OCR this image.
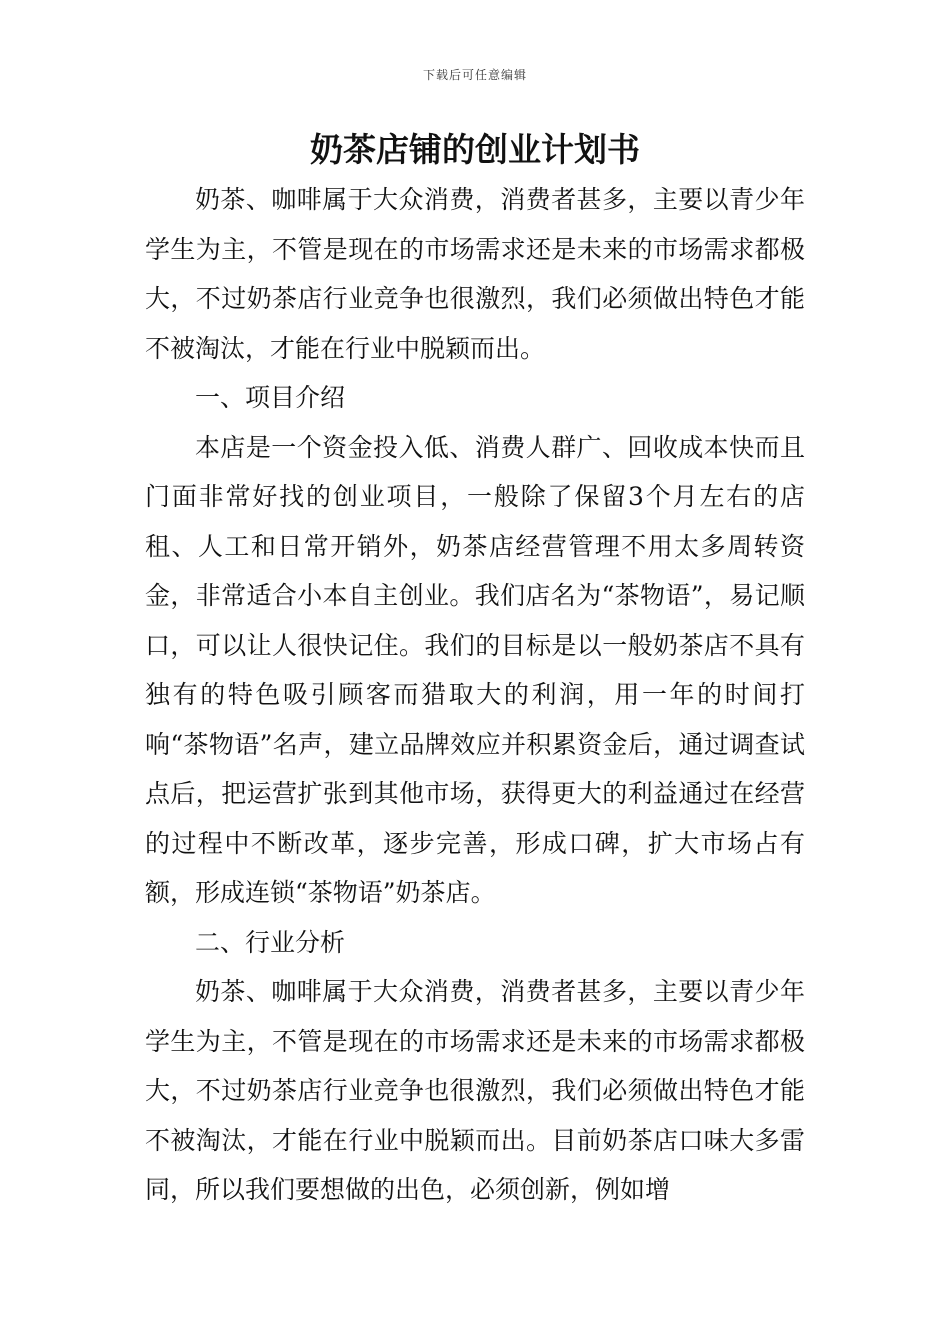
下载后可任意编辑
奶茶店铺的创业计划书

奶茶、咖啡属于大众消费，消费者甚多，主要以青少年学生为主，不管是现在的市场需求还是未来的市场需求都极大，不过奶茶店行业竞争也很激烈，我们必须做出特色才能不被淘汰，才能在行业中脱颖而出。

一、项目介绍

本店是一个资金投入低、消费人群广、回收成本快而且门面非常好找的创业项目，一般除了保留3个月左右的店租、人工和日常开销外，奶茶店经营管理不用太多周转资金，非常适合小本自主创业。我们店名为“茶物语”，易记顺口，可以让人很快记住。我们的目标是以一般奶茶店不具有独有的特色吸引顾客而猎取大的利润，用一年的时间打响“茶物语”名声，建立品牌效应并积累资金后，通过调查试点后，把运营扩张到其他市场，获得更大的利益通过在经营的过程中不断改革，逐步完善，形成口碑，扩大市场占有额，形成连锁“茶物语”奶茶店。

二、行业分析

奶茶、咖啡属于大众消费，消费者甚多，主要以青少年学生为主，不管是现在的市场需求还是未来的市场需求都极大，不过奶茶店行业竞争也很激烈，我们必须做出特色才能不被淘汰，才能在行业中脱颖而出。目前奶茶店口味大多雷同，所以我们要想做的出色，必须创新，例如增
